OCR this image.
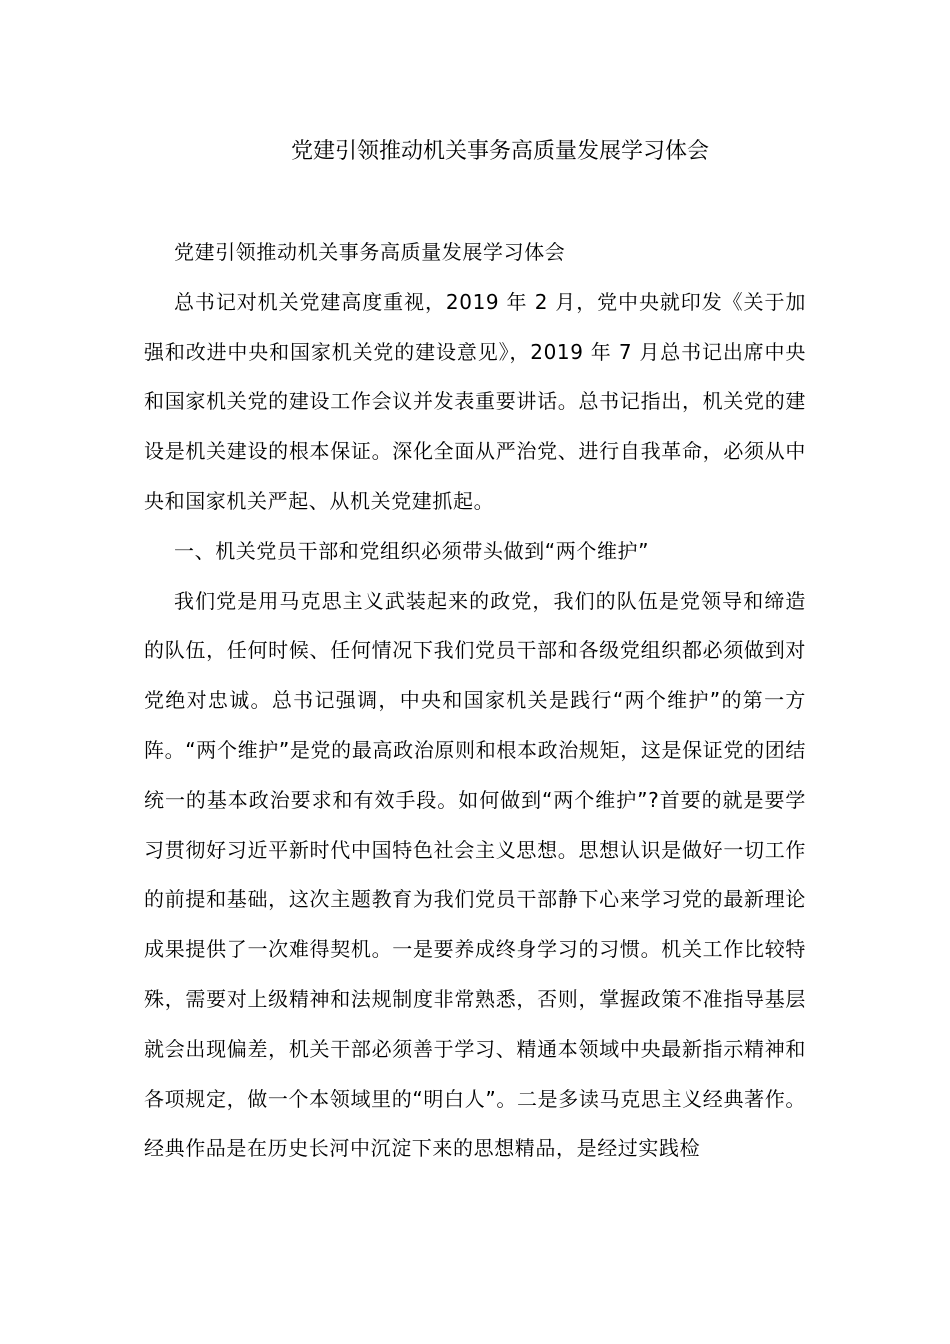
党建引领推动机关事务高质量发展学习体会

党建引领推动机关事务高质量发展学习体会

总书记对机关党建高度重视，2019 年 2 月，党中央就印发《关于加强和改进中央和国家机关党的建设意见》，2019 年 7 月总书记出席中央和国家机关党的建设工作会议并发表重要讲话。总书记指出，机关党的建设是机关建设的根本保证。深化全面从严治党、进行自我革命，必须从中央和国家机关严起、从机关党建抓起。

一、机关党员干部和党组织必须带头做到“两个维护”

我们党是用马克思主义武装起来的政党，我们的队伍是党领导和缔造的队伍，任何时候、任何情况下我们党员干部和各级党组织都必须做到对党绝对忠诚。总书记强调，中央和国家机关是践行“两个维护”的第一方阵。“两个维护”是党的最高政治原则和根本政治规矩，这是保证党的团结统一的基本政治要求和有效手段。如何做到“两个维护”?首要的就是要学习贯彻好习近平新时代中国特色社会主义思想。思想认识是做好一切工作的前提和基础，这次主题教育为我们党员干部静下心来学习党的最新理论成果提供了一次难得契机。一是要养成终身学习的习惯。机关工作比较特殊，需要对上级精神和法规制度非常熟悉，否则，掌握政策不准指导基层就会出现偏差，机关干部必须善于学习、精通本领域中央最新指示精神和各项规定，做一个本领域里的“明白人”。二是多读马克思主义经典著作。经典作品是在历史长河中沉淀下来的思想精品，是经过实践检
